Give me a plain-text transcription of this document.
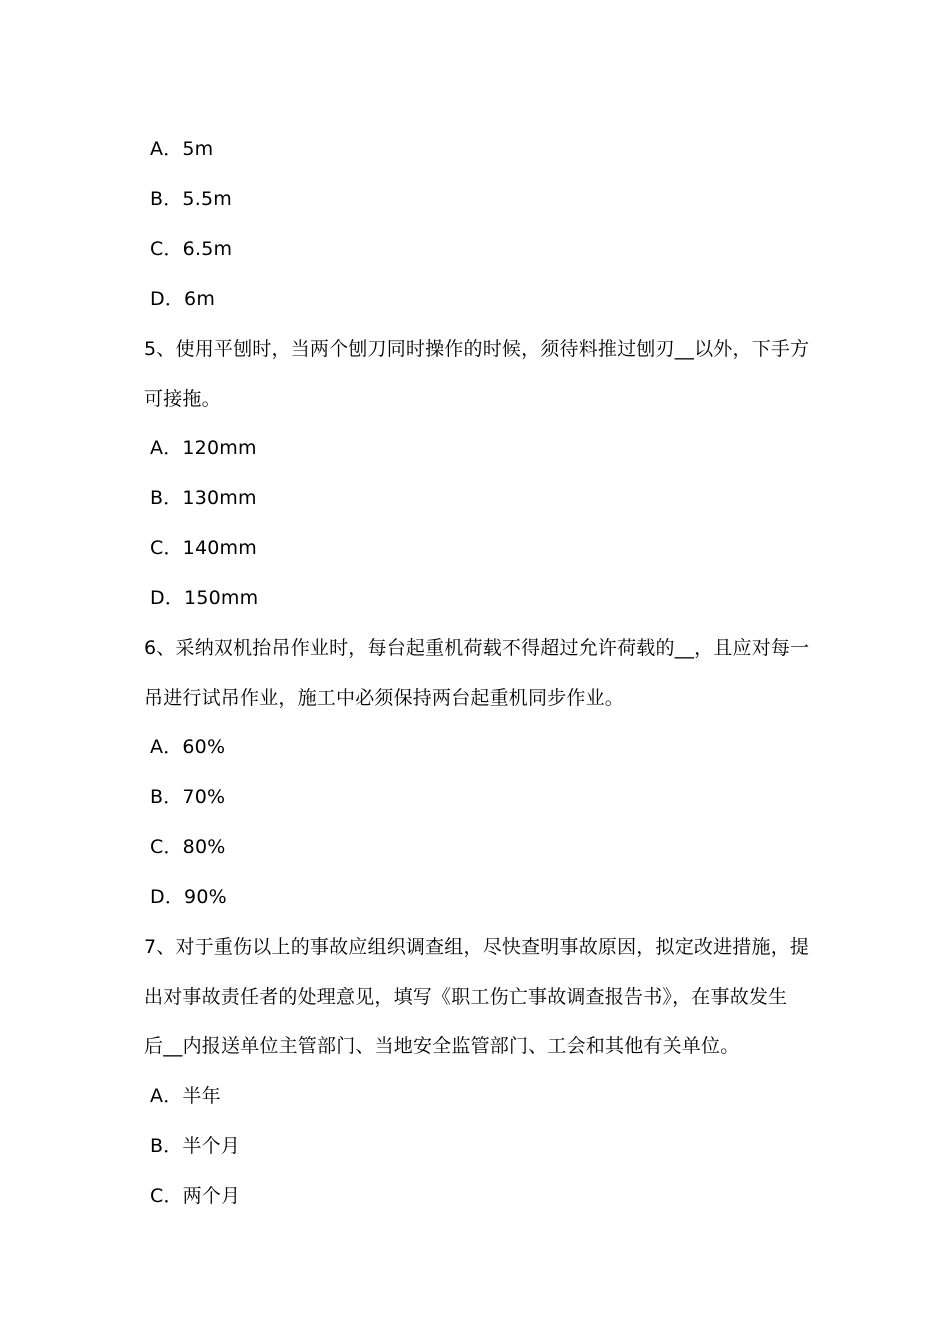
A．5m
B．5.5m
C．6.5m
D．6m
5、使用平刨时，当两个刨刀同时操作的时候，须待料推过刨刃__以外，下手方
可接拖。
A．120mm
B．130mm
C．140mm
D．150mm
6、采纳双机抬吊作业时，每台起重机荷载不得超过允许荷载的__，且应对每一
吊进行试吊作业，施工中必须保持两台起重机同步作业。
A．60%
B．70%
C．80%
D．90%
7、对于重伤以上的事故应组织调查组，尽快查明事故原因，拟定改进措施，提
出对事故责任者的处理意见，填写《职工伤亡事故调查报告书》，在事故发生
后__内报送单位主管部门、当地安全监管部门、工会和其他有关单位。
A．半年
B．半个月
C．两个月
